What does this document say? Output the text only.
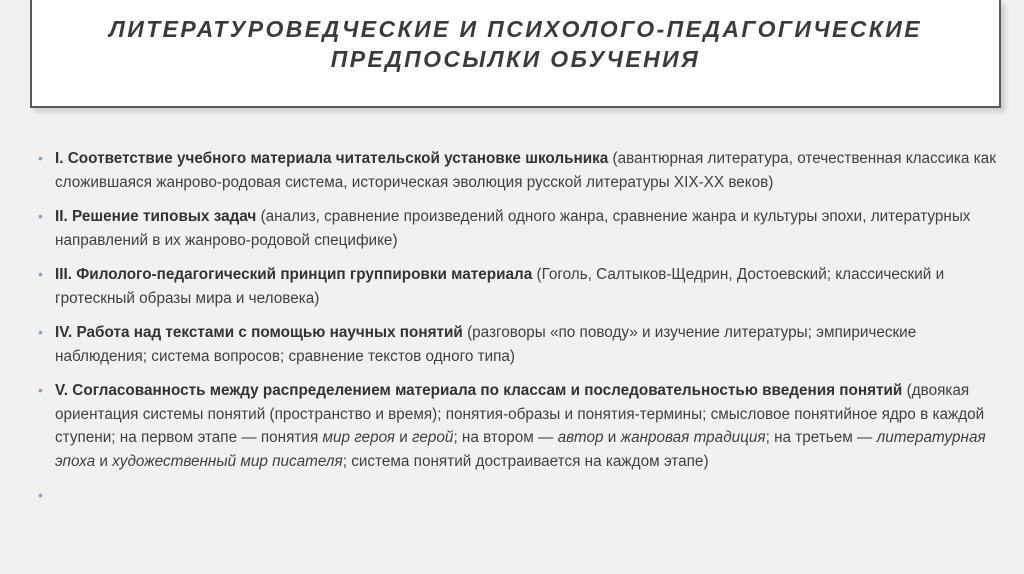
ЛИТЕРАТУРОВЕДЧЕСКИЕ И ПСИХОЛОГО-ПЕДАГОГИЧЕСКИЕ
ПРЕДПОСЫЛКИ ОБУЧЕНИЯ
• I. Соответствие учебного материала читательской установке школьника (авантюрная литература, отечественная классика как сложившаяся жанрово-родовая система, историческая эволюция русской литературы XIX-XX веков)
• II. Решение типовых задач (анализ, сравнение произведений одного жанра, сравнение жанра и культуры эпохи, литературных направлений в их жанрово-родовой специфике)
• III. Филолого-педагогический принцип группировки материала (Гоголь, Салтыков-Щедрин, Достоевский; классический и гротескный образы мира и человека)
• IV. Работа над текстами с помощью научных понятий (разговоры «по поводу» и изучение литературы; эмпирические наблюдения; система вопросов; сравнение текстов одного типа)
• V. Согласованность между распределением материала по классам и последовательностью введения понятий (двоякая ориентация системы понятий (пространство и время); понятия-образы и понятия-термины; смысловое понятийное ядро в каждой ступени; на первом этапе — понятия мир героя и герой; на втором — автор и жанровая традиция; на третьем — литературная эпоха и художественный мир писателя; система понятий достраивается на каждом этапе)
•
